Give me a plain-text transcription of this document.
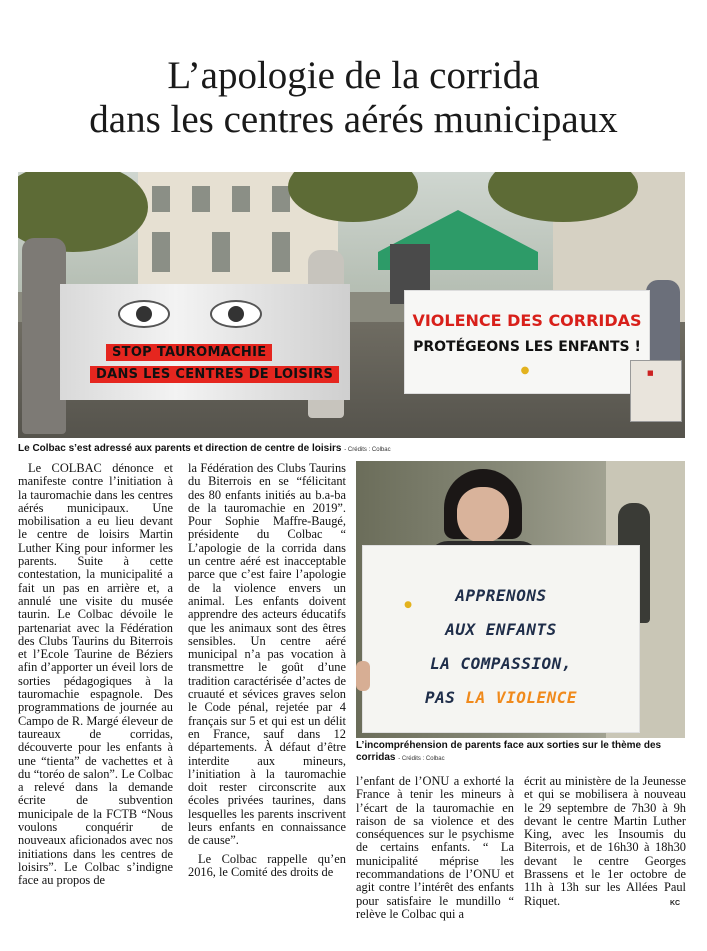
L’apologie de la corrida
dans les centres aérés municipaux
STOP TAUROMACHIE
DANS LES CENTRES DE LOISIRS
VIOLENCE DES CORRIDAS
PROTÉGEONS LES ENFANTS !
●	■
Le Colbac s’est adressé aux parents et direction de centre de loisirs - Crédits : Colbac
●	APPRENONS
AUX ENFANTS
LA COMPASSION,
PAS LA VIOLENCE
L’incompréhension de parents face aux sorties sur le thème des corridas - Crédits : Colbac

Le COLBAC dénonce et manifeste contre l’initiation à la tauromachie dans les centres aérés municipaux. Une mobilisation a eu lieu devant le centre de loisirs Martin Luther King pour informer les parents. Suite à cette contestation, la municipalité a fait un pas en arrière et, a annulé une visite du musée taurin. Le Colbac dévoile le partenariat avec la Fédération des Clubs Taurins du Biterrois et l’Ecole Taurine de Béziers afin d’apporter un éveil lors de sorties pédagogiques à la tauromachie espagnole. Des programmations de journée au Campo de R. Margé éleveur de taureaux de corridas, découverte pour les enfants à une “tienta” de vachettes et à du “toréo de salon”. Le Colbac a relevé dans la demande écrite de subvention municipale de la FCTB “Nous voulons conquérir de nouveaux aficionados avec nos initiations dans les centres de loisirs”. Le Colbac s’indigne face au propos de

la Fédération des Clubs Taurins du Biterrois en se “félicitant des 80 enfants initiés au b.a-ba de la tauromachie en 2019”. Pour Sophie Maffre-Baugé, présidente du Colbac “ L’apologie de la corrida dans un centre aéré est inacceptable parce que c’est faire l’apologie de la violence envers un animal. Les enfants doivent apprendre des acteurs éducatifs que les animaux sont des êtres sensibles. Un centre aéré municipal n’a pas vocation à transmettre le goût d’une tradition caractérisée d’actes de cruauté et sévices graves selon le Code pénal, rejetée par 4 français sur 5 et qui est un délit en France, sauf dans 12 départements. À défaut d’être interdite aux mineurs, l’initiation à la tauromachie doit rester circonscrite aux écoles privées taurines, dans lesquelles les parents inscrivent leurs enfants en connaissance de cause”.

Le Colbac rappelle qu’en 2016, le Comité des droits de

l’enfant de l’ONU a exhorté la France à tenir les mineurs à l’écart de la tauromachie en raison de sa violence et des conséquences sur le psychisme de certains enfants. “ La municipalité méprise les recommandations de l’ONU et agit contre l’intérêt des enfants pour satisfaire le mundillo “ relève le Colbac qui a

écrit au ministère de la Jeunesse et qui se mobilisera à nouveau le 29 septembre de 7h30 à 9h devant le centre Martin Luther King, avec les Insoumis du Biterrois, et de 16h30 à 18h30 devant le centre Georges Brassens et le 1er octobre de 11h à 13h sur les Allées Paul Riquet.	KC
